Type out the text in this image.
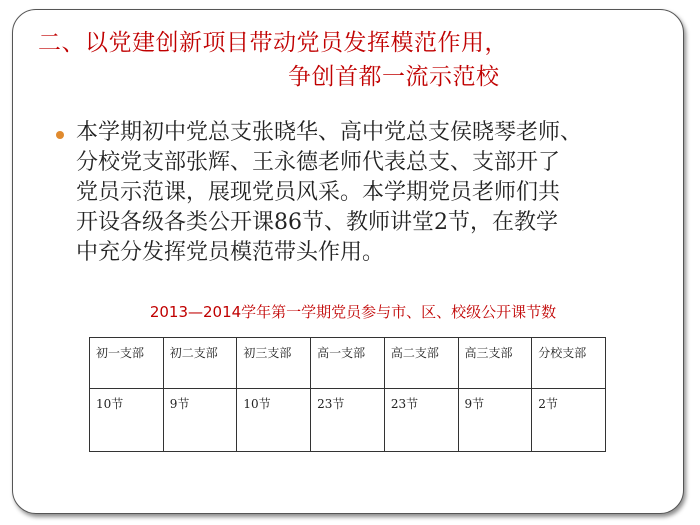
二、以党建创新项目带动党员发挥模范作用，
争创首都一流示范校
本学期初中党总支张晓华、高中党总支侯晓琴老师、
分校党支部张辉、王永德老师代表总支、支部开了
党员示范课，展现党员风采。本学期党员老师们共
开设各级各类公开课86节、教师讲堂2节，在教学
中充分发挥党员模范带头作用。
2013—2014学年第一学期党员参与市、区、校级公开课节数
初一支部	初二支部	初三支部	高一支部	高二支部	高三支部	分校支部
10节	9节	10节	23节	23节	9节	2节
